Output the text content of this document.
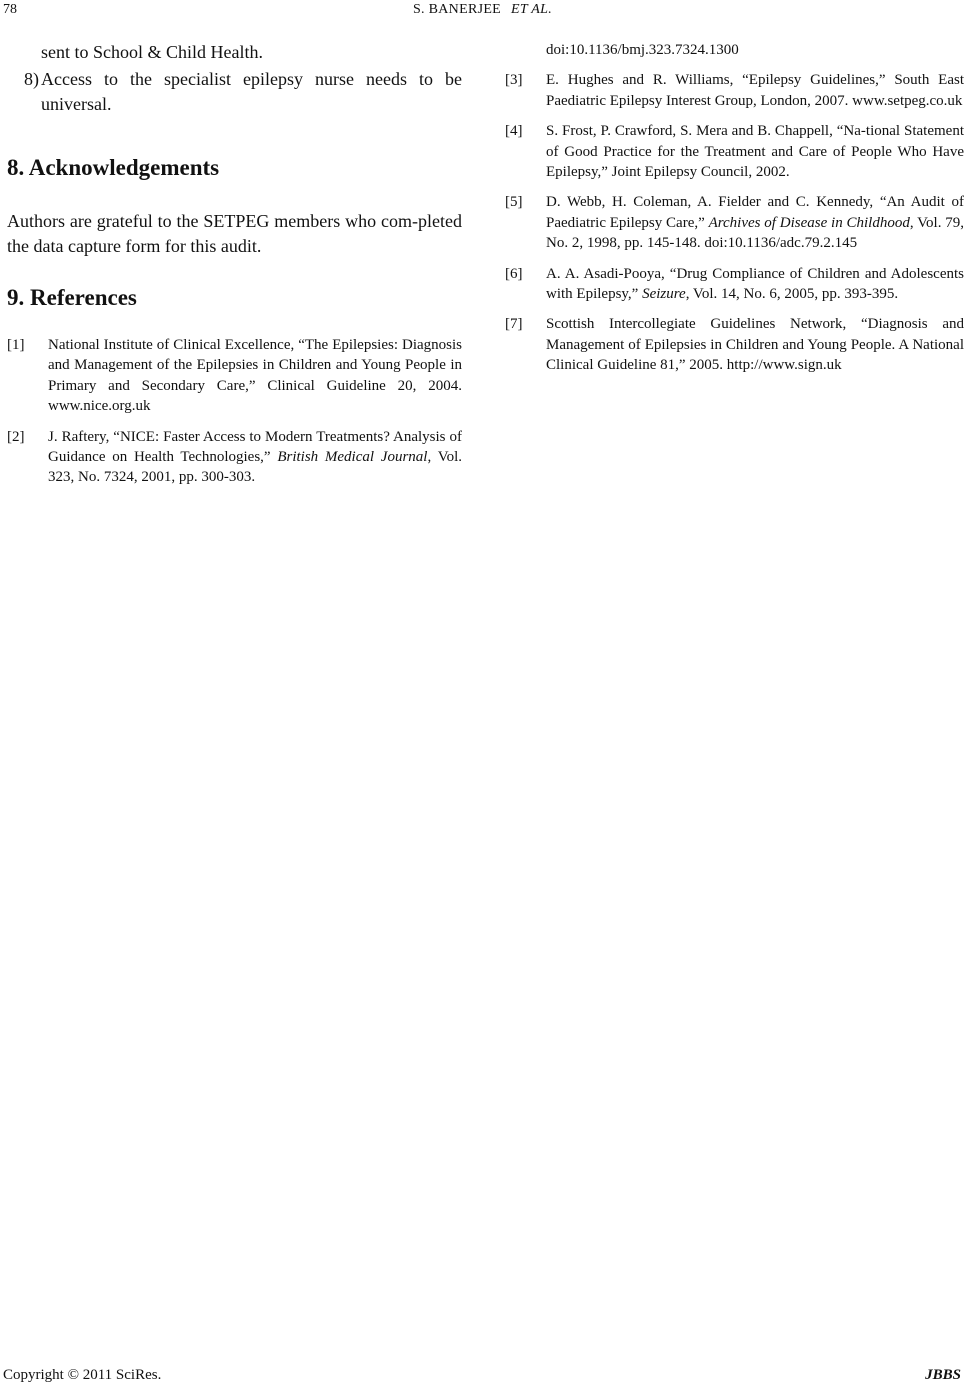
78	S. BANERJEE ET AL.

sent to School & Child Health.

8) Access to the specialist epilepsy nurse needs to be universal.
8. Acknowledgements

Authors are grateful to the SETPEG members who com-pleted the data capture form for this audit.

9. References
[1]	National Institute of Clinical Excellence, “The Epilepsies: Diagnosis and Management of the Epilepsies in Children and Young People in Primary and Secondary Care,” Clinical Guideline 20, 2004. www.nice.org.uk
[2]	J. Raftery, “NICE: Faster Access to Modern Treatments? Analysis of Guidance on Health Technologies,” British Medical Journal, Vol. 323, No. 7324, 2001, pp. 300-303.
doi:10.1136/bmj.323.7324.1300
[3]	E. Hughes and R. Williams, “Epilepsy Guidelines,” South East Paediatric Epilepsy Interest Group, London, 2007. www.setpeg.co.uk
[4]	S. Frost, P. Crawford, S. Mera and B. Chappell, “Na-tional Statement of Good Practice for the Treatment and Care of People Who Have Epilepsy,” Joint Epilepsy Council, 2002.
[5]	D. Webb, H. Coleman, A. Fielder and C. Kennedy, “An Audit of Paediatric Epilepsy Care,” Archives of Disease in Childhood, Vol. 79, No. 2, 1998, pp. 145-148. doi:10.1136/adc.79.2.145
[6]	A. A. Asadi-Pooya, “Drug Compliance of Children and Adolescents with Epilepsy,” Seizure, Vol. 14, No. 6, 2005, pp. 393-395.
[7]	Scottish Intercollegiate Guidelines Network, “Diagnosis and Management of Epilepsies in Children and Young People. A National Clinical Guideline 81,” 2005. http://www.sign.uk
Copyright © 2011 SciRes.	JBBS
